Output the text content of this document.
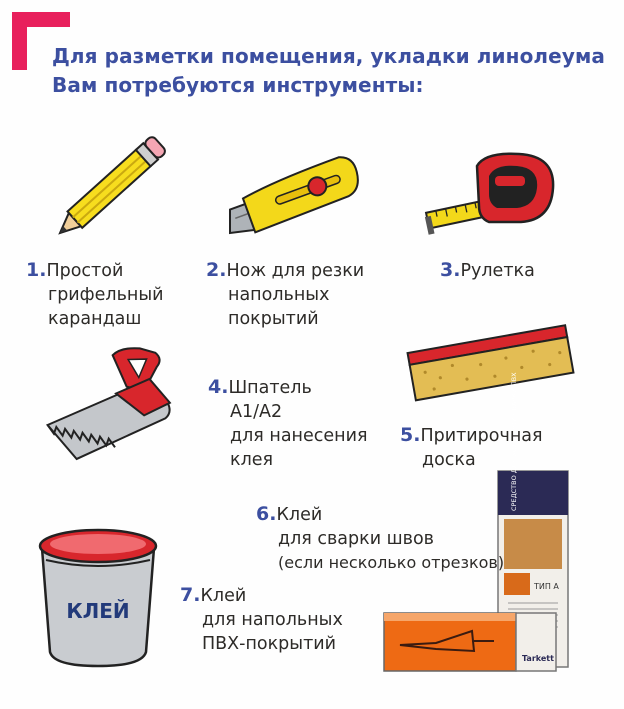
Для разметки помещения, укладки линолеума
Вам потребуются инструменты:
СРЕДСТВО ДЛЯ ХОЛОДНОЙ СВАРКИ ПВХ
ТИП А
Tarkett
КЛЕЙ
1.Простой
грифельный
карандаш
2.Нож для резки
напольных
покрытий
3.Рулетка
4.Шпатель
А1/А2
для нанесения
клея
5.Притирочная
доска
6.Клей
для сварки швов
(если несколько отрезков)
7.Клей
для напольных
ПВХ-покрытий
